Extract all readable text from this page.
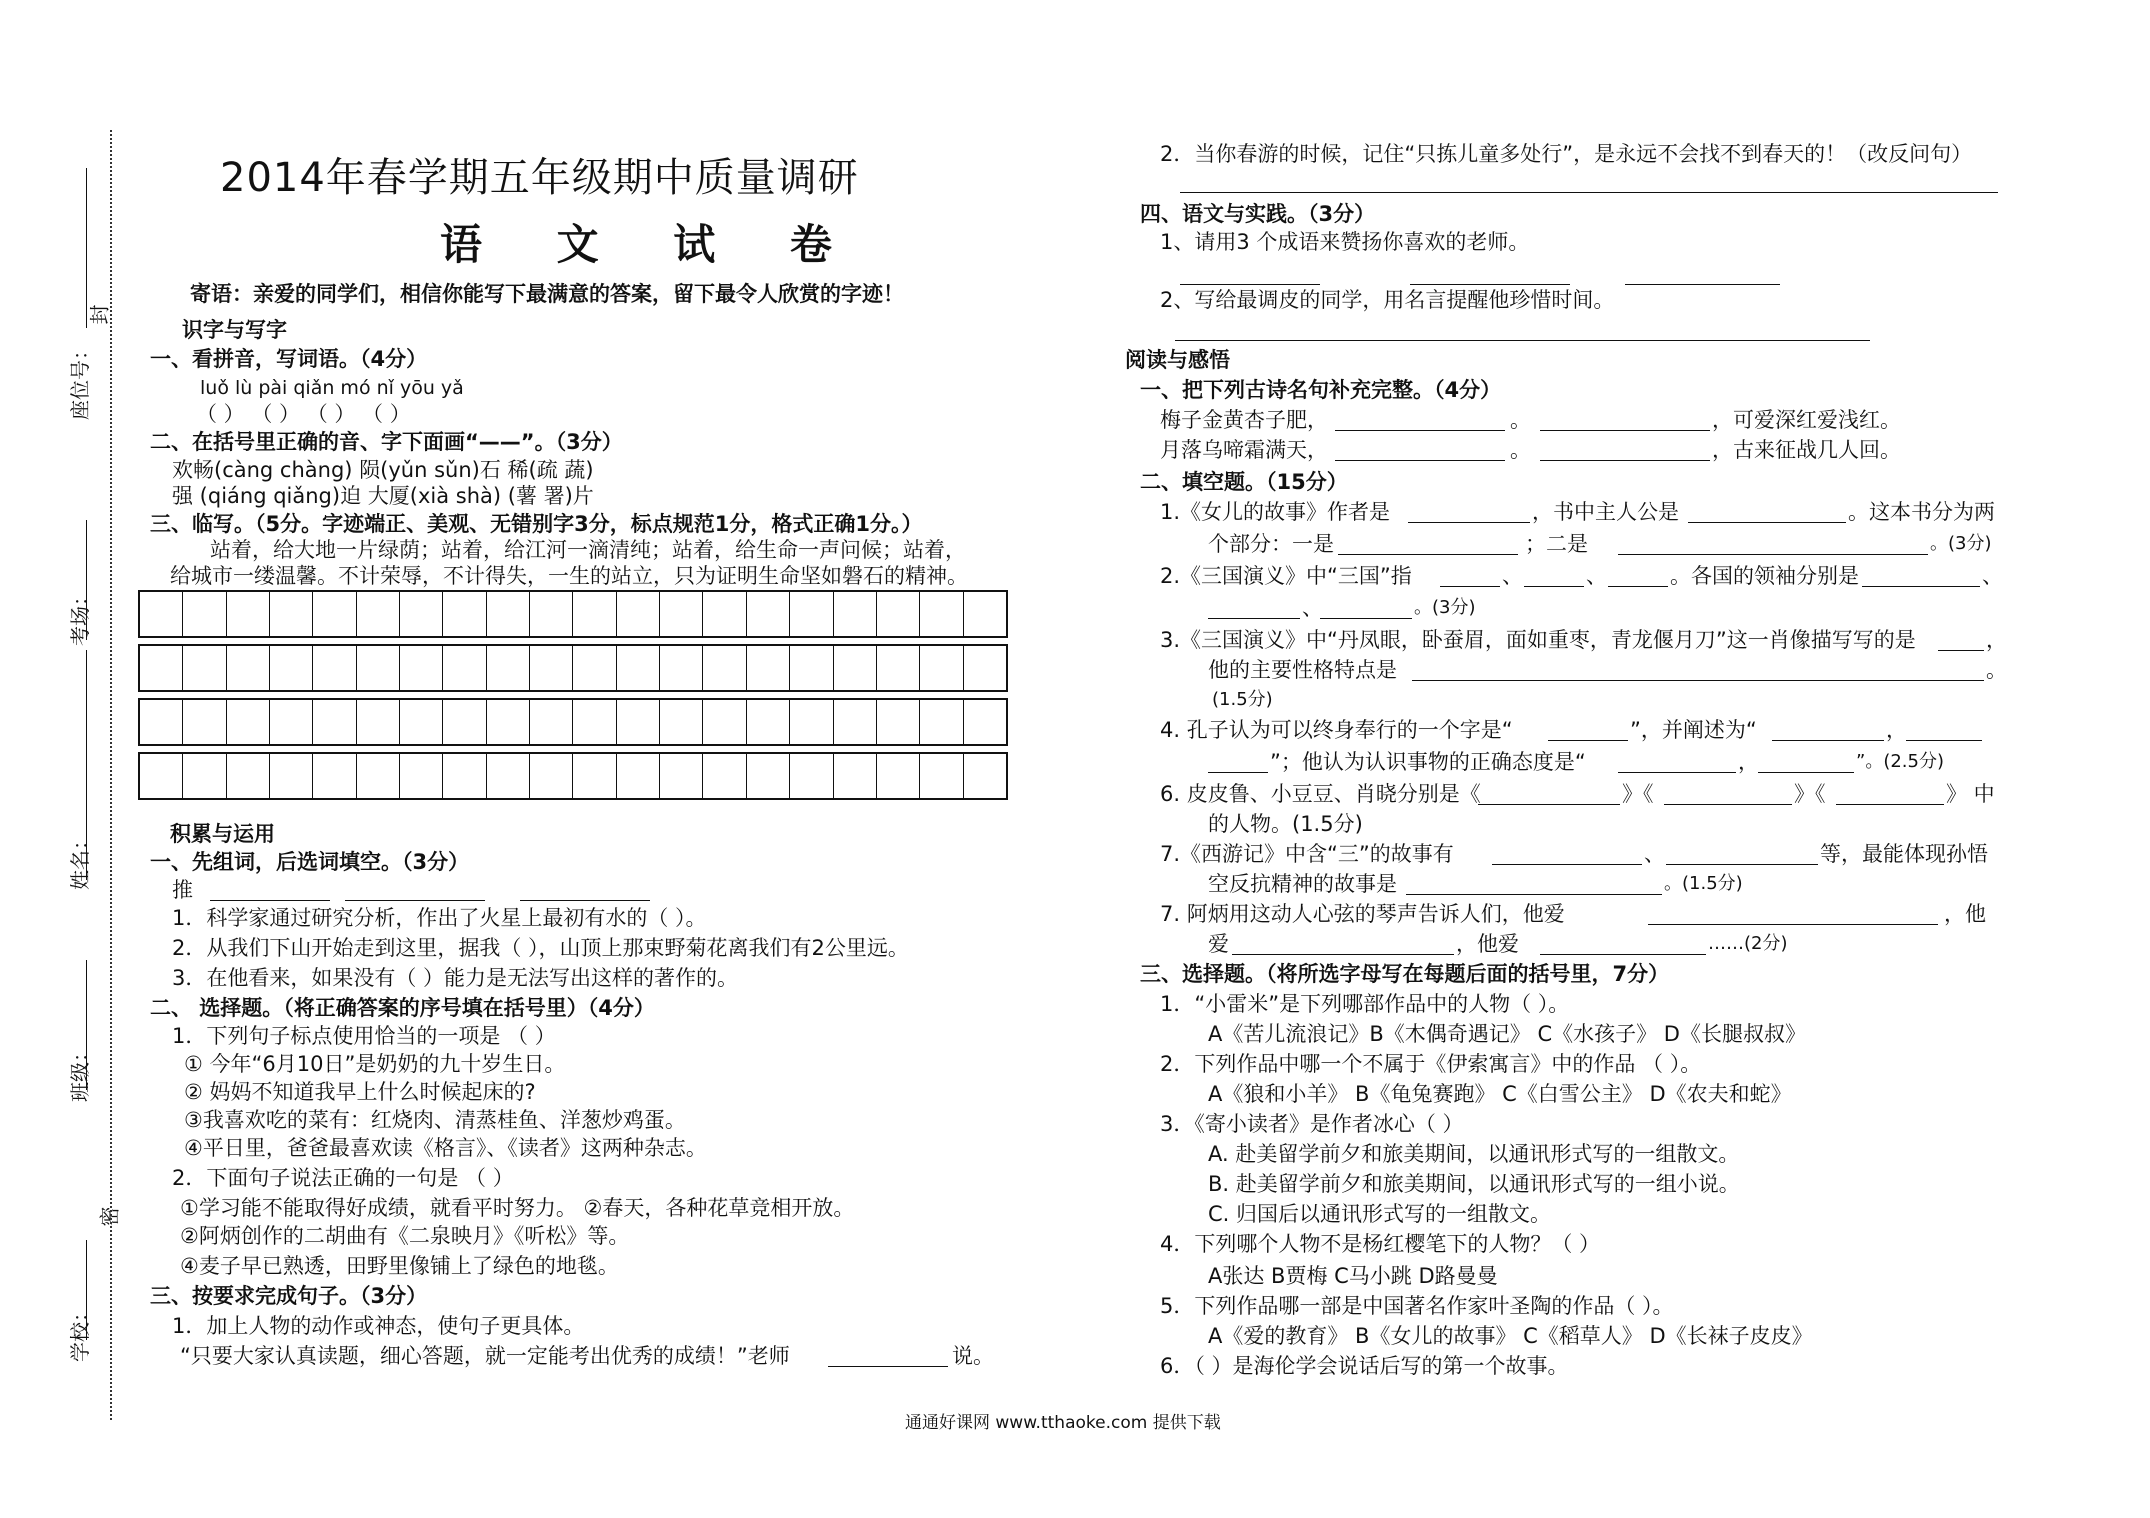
座位号：
考场：
姓名：
班级：
学校：
封
密
2014年春学期五年级期中质量调研
语 文 试 卷
寄语：亲爱的同学们，相信你能写下最满意的答案，留下最令人欣赏的字迹！
识字与写字
一、看拼音，写词语。（4分）
luǒ lù pài qiǎn mó nǐ yōu yǎ
（ ） （ ） （ ） （ ）
二、在括号里正确的音、字下面画“——”。（3分）
欢畅(càng chàng) 陨(yǔn sǔn)石 稀(疏 蔬)
强 (qiáng qiǎng)迫 大厦(xià shà) (薯 署)片
三、临写。（5分。字迹端正、美观、无错别字3分，标点规范1分，格式正确1分。）
站着，给大地一片绿荫；站着，给江河一滴清纯；站着，给生命一声问候；站着，
给城市一缕温馨。不计荣辱，不计得失，一生的站立，只为证明生命坚如磐石的精神。
积累与运用
一、先组词，后选词填空。（3分）
推
1．科学家通过研究分析，作出了火星上最初有水的（ ）。
2．从我们下山开始走到这里，据我（ ），山顶上那束野菊花离我们有2公里远。
3．在他看来，如果没有（ ）能力是无法写出这样的著作的。
二、 选择题。（将正确答案的序号填在括号里）（4分）
1．下列句子标点使用恰当的一项是 （ ）
① 今年“6月10日”是奶奶的九十岁生日。
② 妈妈不知道我早上什么时候起床的?
③我喜欢吃的菜有：红烧肉、清蒸桂鱼、洋葱炒鸡蛋。
④平日里，爸爸最喜欢读《格言》、《读者》这两种杂志。
2．下面句子说法正确的一句是 （ ）
①学习能不能取得好成绩，就看平时努力。 ②春天，各种花草竞相开放。
②阿炳创作的二胡曲有《二泉映月》《听松》等。
④麦子早已熟透，田野里像铺上了绿色的地毯。
三、按要求完成句子。（3分）
1．加上人物的动作或神态，使句子更具体。
“只要大家认真读题，细心答题，就一定能考出优秀的成绩！”老师	说。
2．当你春游的时候，记住“只拣儿童多处行”，是永远不会找不到春天的！（改反问句）
四、语文与实践。（3分）
1、请用3 个成语来赞扬你喜欢的老师。
2、写给最调皮的同学，用名言提醒他珍惜时间。
阅读与感悟
一、把下列古诗名句补充完整。（4分）
梅子金黄杏子肥，	。	，可爱深红爱浅红。
月落乌啼霜满天，	。	，古来征战几人回。
二、填空题。（15分）
1.《女儿的故事》作者是	，书中主人公是	。这本书分为两
个部分：一是	；二是	。(3分)
2.《三国演义》中“三国”指	、	、	。各国的领袖分别是	、
、	。(3分)
3.《三国演义》中“丹凤眼，卧蚕眉，面如重枣，青龙偃月刀”这一肖像描写写的是	，
他的主要性格特点是	。
(1.5分)
4. 孔子认为可以终身奉行的一个字是“	”，并阐述为“	，
”；他认为认识事物的正确态度是“	，	”。(2.5分)
6. 皮皮鲁、小豆豆、肖晓分别是《	》《	》《	》 中
的人物。(1.5分)
7.《西游记》中含“三”的故事有	、	等，最能体现孙悟
空反抗精神的故事是	。(1.5分)
7. 阿炳用这动人心弦的琴声告诉人们，他爱	，他
爱	，他爱	……(2分)
三、选择题。（将所选字母写在每题后面的括号里，7分）
1．“小雷米”是下列哪部作品中的人物（ ）。
A《苦儿流浪记》B《木偶奇遇记》 C《水孩子》 D《长腿叔叔》
2．下列作品中哪一个不属于《伊索寓言》中的作品 （ ）。
A《狼和小羊》 B《龟兔赛跑》 C《白雪公主》 D《农夫和蛇》
3．《寄小读者》是作者冰心（ ）
A. 赴美留学前夕和旅美期间，以通讯形式写的一组散文。
B. 赴美留学前夕和旅美期间，以通讯形式写的一组小说。
C. 归国后以通讯形式写的一组散文。
4．下列哪个人物不是杨红樱笔下的人物？（ ）
A张达 B贾梅 C马小跳 D路曼曼
5．下列作品哪一部是中国著名作家叶圣陶的作品（ ）。
A《爱的教育》 B《女儿的故事》 C《稻草人》 D《长袜子皮皮》
6．（ ）是海伦学会说话后写的第一个故事。
通通好课网 www.tthaoke.com 提供下载
